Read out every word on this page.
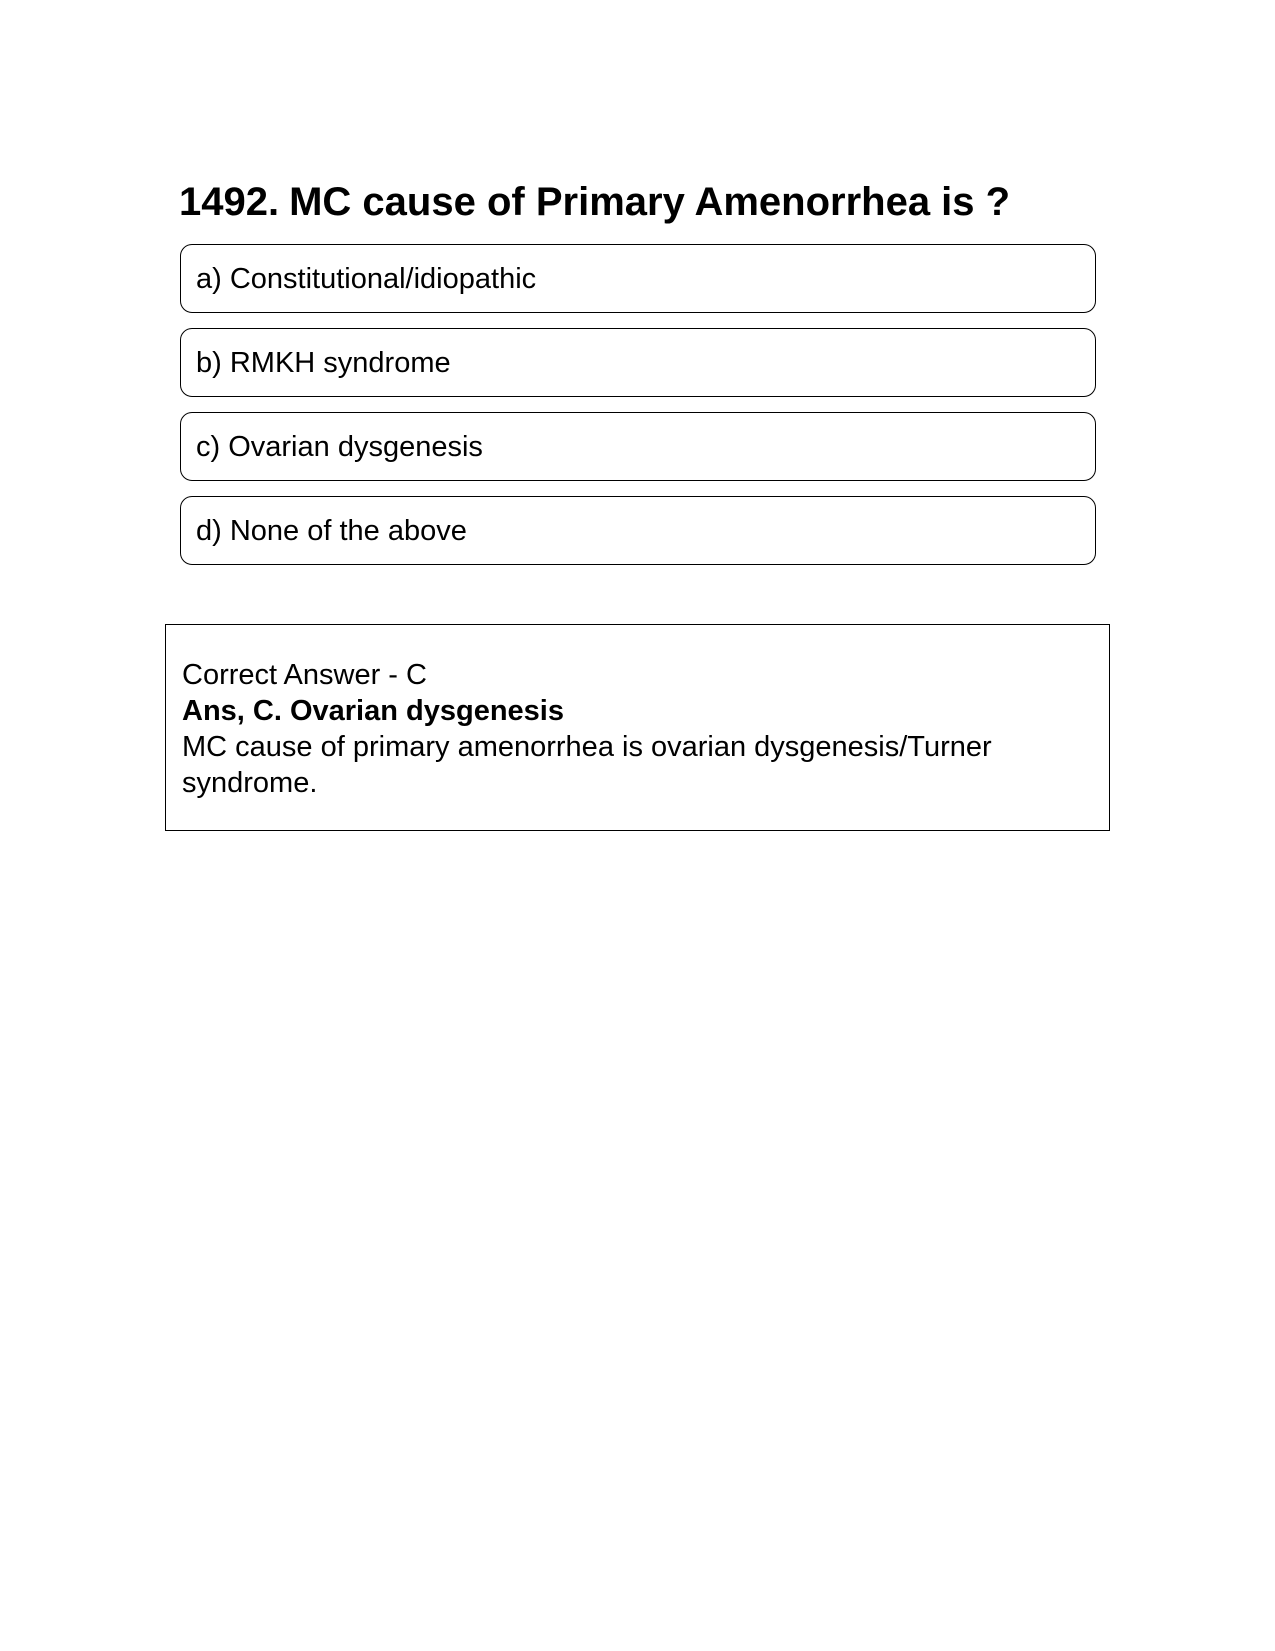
1492. MC cause of Primary Amenorrhea is ?
a) Constitutional/idiopathic
b) RMKH syndrome
c) Ovarian dysgenesis
d) None of the above
Correct Answer - C
Ans, C. Ovarian dysgenesis
MC cause of primary amenorrhea is ovarian dysgenesis/Turner syndrome.
